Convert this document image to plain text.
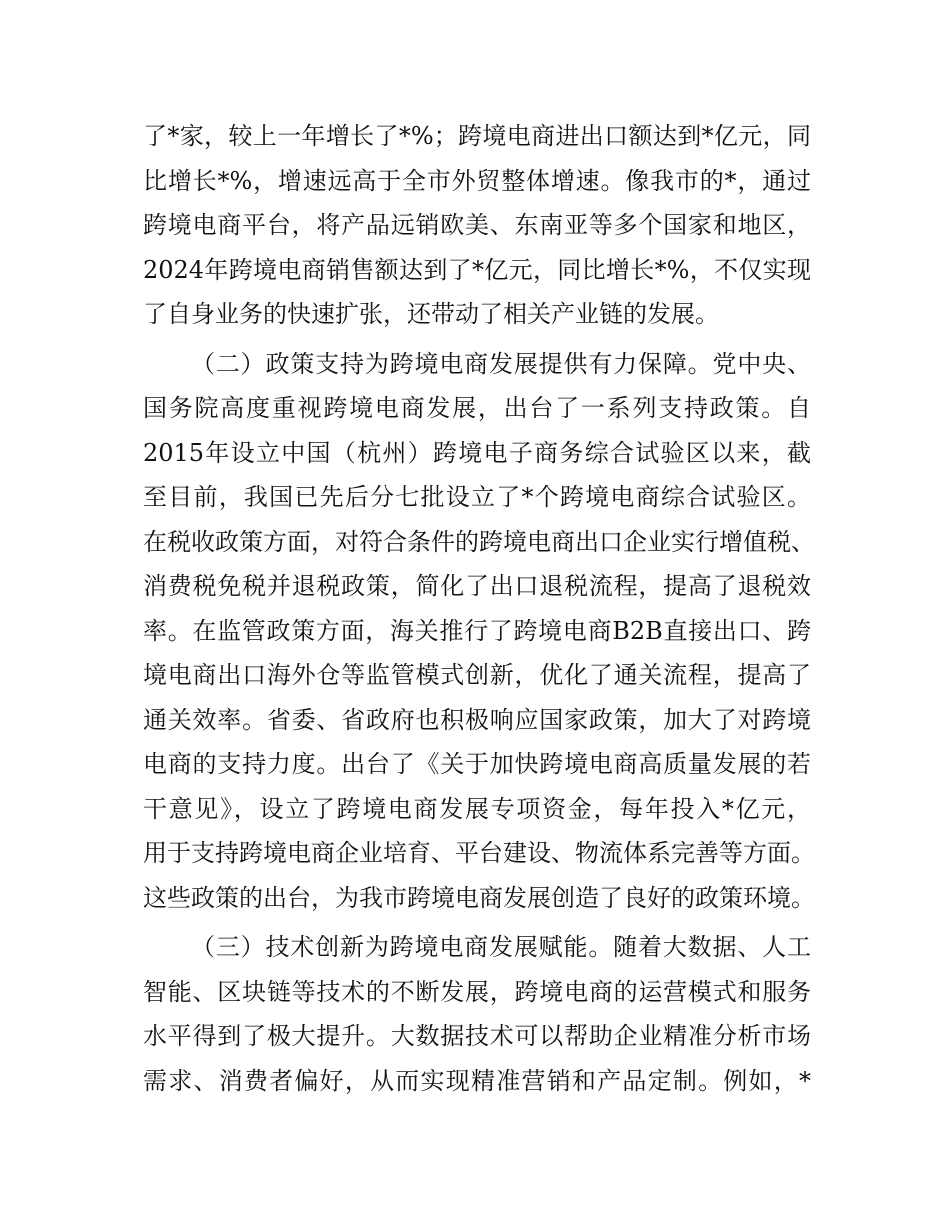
了*家，较上一年增长了*%；跨境电商进出口额达到*亿元，同
比增长*%，增速远高于全市外贸整体增速。像我市的*，通过
跨境电商平台，将产品远销欧美、东南亚等多个国家和地区，
2024年跨境电商销售额达到了*亿元，同比增长*%，不仅实现
了自身业务的快速扩张，还带动了相关产业链的发展。
（二）政策支持为跨境电商发展提供有力保障。党中央、
国务院高度重视跨境电商发展，出台了一系列支持政策。自
2015年设立中国（杭州）跨境电子商务综合试验区以来，截
至目前，我国已先后分七批设立了*个跨境电商综合试验区。
在税收政策方面，对符合条件的跨境电商出口企业实行增值税、
消费税免税并退税政策，简化了出口退税流程，提高了退税效
率。在监管政策方面，海关推行了跨境电商B2B直接出口、跨
境电商出口海外仓等监管模式创新，优化了通关流程，提高了
通关效率。省委、省政府也积极响应国家政策，加大了对跨境
电商的支持力度。出台了《关于加快跨境电商高质量发展的若
干意见》，设立了跨境电商发展专项资金，每年投入*亿元，
用于支持跨境电商企业培育、平台建设、物流体系完善等方面。
这些政策的出台，为我市跨境电商发展创造了良好的政策环境。
（三）技术创新为跨境电商发展赋能。随着大数据、人工
智能、区块链等技术的不断发展，跨境电商的运营模式和服务
水平得到了极大提升。大数据技术可以帮助企业精准分析市场
需求、消费者偏好，从而实现精准营销和产品定制。例如，*
